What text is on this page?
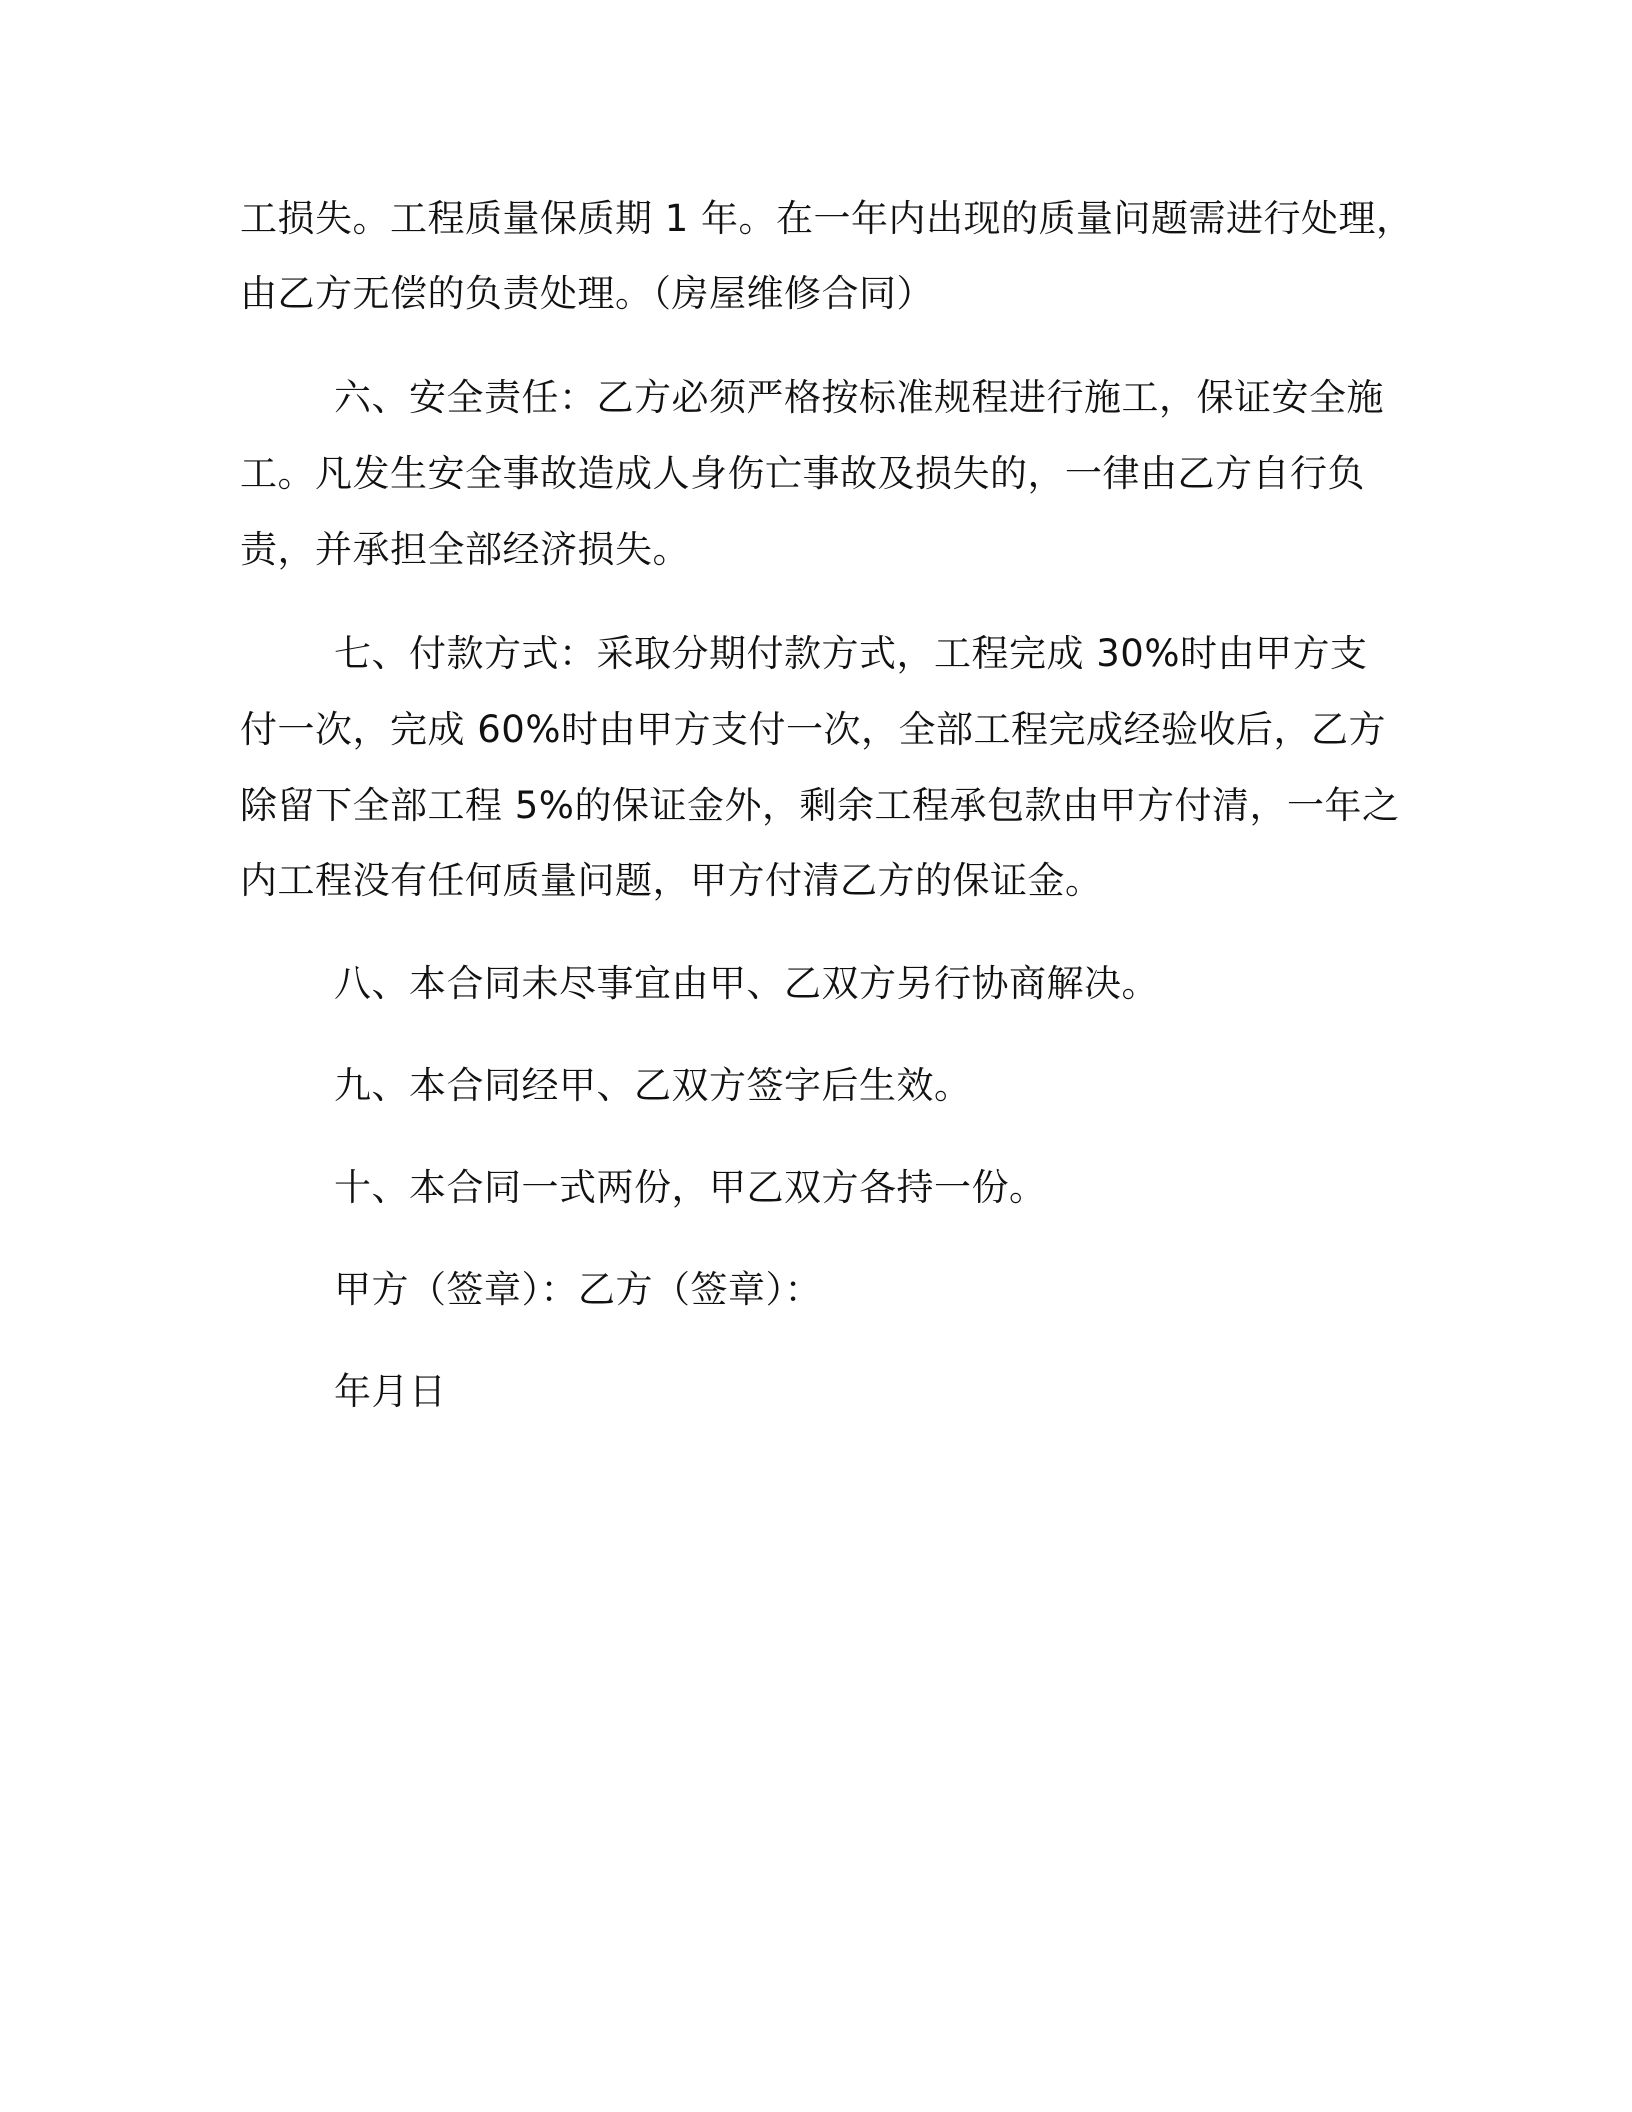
工损失。工程质量保质期 1 年。在一年内出现的质量问题需进行处理，

由乙方无偿的负责处理。（房屋维修合同）

六、安全责任：乙方必须严格按标准规程进行施工，保证安全施

工。凡发生安全事故造成人身伤亡事故及损失的，一律由乙方自行负

责，并承担全部经济损失。

七、付款方式：采取分期付款方式，工程完成 30%时由甲方支

付一次，完成 60%时由甲方支付一次，全部工程完成经验收后，乙方

除留下全部工程 5%的保证金外，剩余工程承包款由甲方付清，一年之

内工程没有任何质量问题，甲方付清乙方的保证金。

八、本合同未尽事宜由甲、乙双方另行协商解决。

九、本合同经甲、乙双方签字后生效。

十、本合同一式两份，甲乙双方各持一份。

甲方（签章）：乙方（签章）：

年月日
